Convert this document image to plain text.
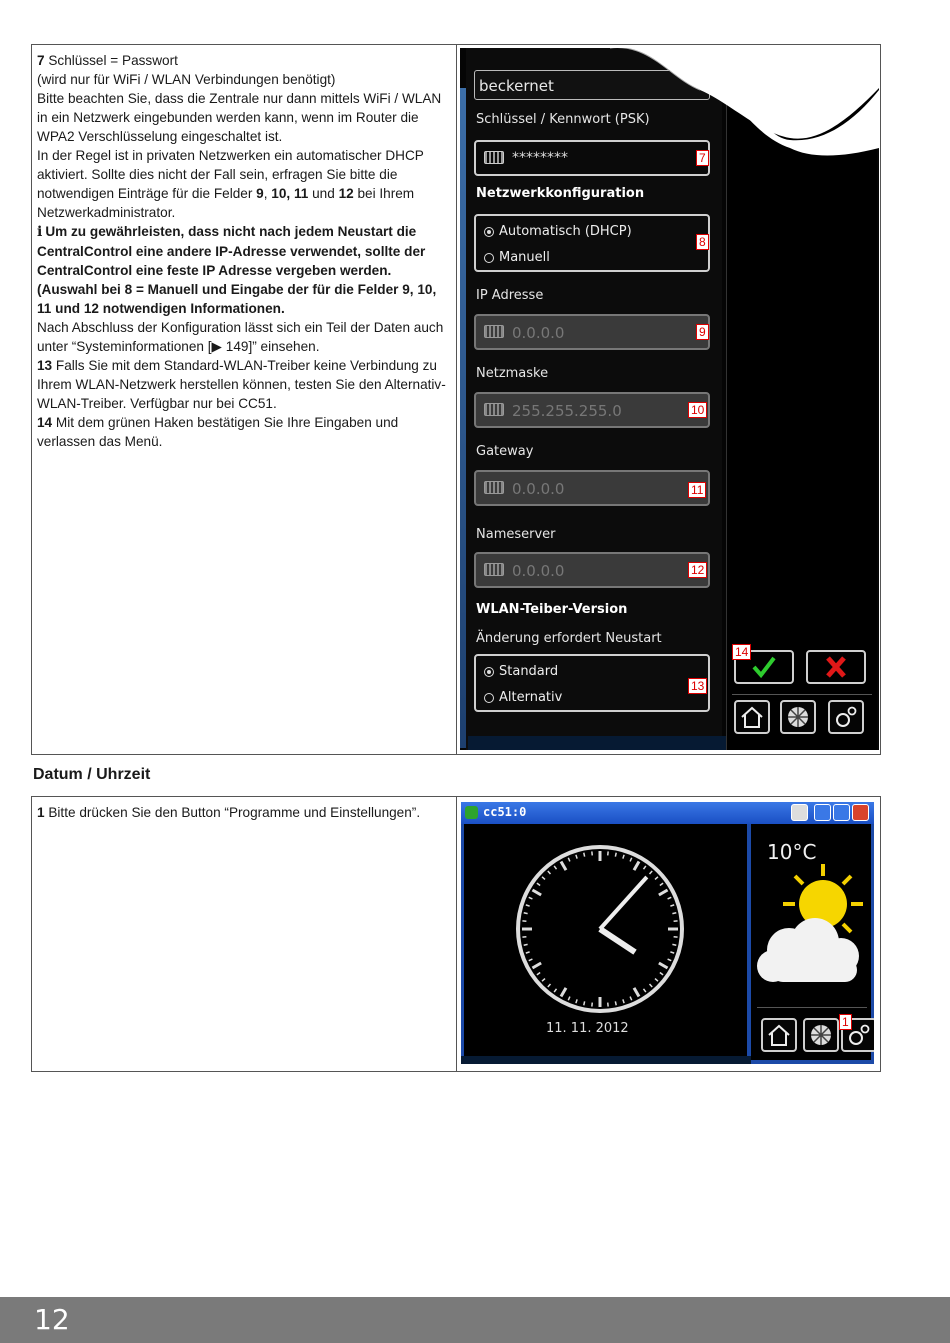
7 Schlüssel = Passwort

(wird nur für WiFi / WLAN Verbindungen benötigt)

Bitte beachten Sie, dass die Zentrale nur dann mittels WiFi / WLAN in ein Netzwerk eingebunden werden kann, wenn im Router die WPA2 Verschlüsselung eingeschaltet ist.

In der Regel ist in privaten Netzwerken ein automatischer DHCP aktiviert. Sollte dies nicht der Fall sein, erfragen Sie bitte die notwendigen Einträge für die Felder 9, 10, 11 und 12 bei Ihrem Netzwerkadministrator.

i Um zu gewährleisten, dass nicht nach jedem Neustart die CentralControl eine andere IP-Adresse verwendet, sollte der CentralControl eine feste IP Adresse vergeben werden. (Auswahl bei 8 = Manuell und Eingabe der für die Felder 9, 10, 11 und 12 notwendigen Informationen.

Nach Abschluss der Konfiguration lässt sich ein Teil der Daten auch unter “Systeminformationen [▶ 149]” einsehen.

13 Falls Sie mit dem Standard-WLAN-Treiber keine Verbindung zu Ihrem WLAN-Netzwerk herstellen können, testen Sie den Alternativ-WLAN-Treiber. Verfügbar nur bei CC51.

14 Mit dem grünen Haken bestätigen Sie Ihre Eingaben und verlassen das Menü.

beckernet
Schlüssel / Kennwort (PSK)
********	7
Netzwerkkonfiguration
Automatisch (DHCP)
Manuell
8
IP Adresse
0.0.0.0	9
Netzmaske
255.255.255.0	10
Gateway
0.0.0.0	11
Nameserver
0.0.0.0	12
WLAN-Teiber-Version
Änderung erfordert Neustart
Standard
Alternativ
13
14
Datum / Uhrzeit

1 Bitte drücken Sie den Button “Programme und Einstellungen”.	cc51:0
10°C
11. 11. 2012	1
12
